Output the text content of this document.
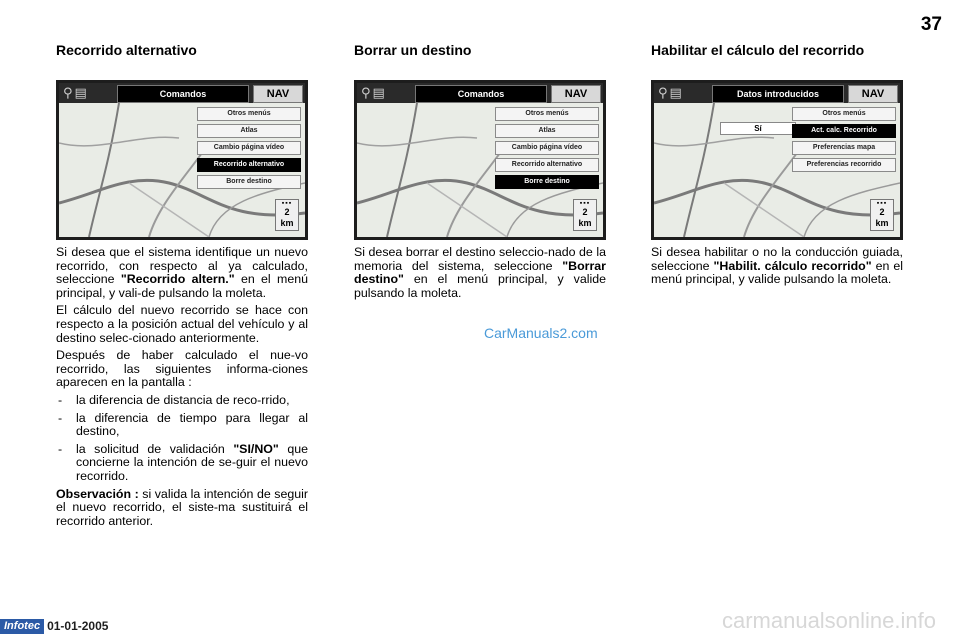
37
Recorrido alternativo
⚲▤	Comandos	NAV
Otros menús
Atlas
Cambio página vídeo
Recorrido alternativo
Borre destino
▪▪▪
2
km

Si desea que el sistema identifique un nuevo recorrido, con respecto al ya calculado, seleccione "Recorrido altern." en el menú principal, y vali-de pulsando la moleta.

El cálculo del nuevo recorrido se hace con respecto a la posición actual del vehículo y al destino selec-cionado anteriormente.

Después de haber calculado el nue-vo recorrido, las siguientes informa-ciones aparecen en la pantalla :

- la diferencia de distancia de reco-rrido,
- la diferencia de tiempo para llegar al destino,
- la solicitud de validación "SI/NO" que concierne la intención de se-guir el nuevo recorrido.

Observación : si valida la intención de seguir el nuevo recorrido, el siste-ma sustituirá el recorrido anterior.

Borrar un destino
⚲▤	Comandos	NAV
Otros menús
Atlas
Cambio página vídeo
Recorrido alternativo
Borre destino
▪▪▪
2
km

Si desea borrar el destino seleccio-nado de la memoria del sistema, seleccione "Borrar destino" en el menú principal, y valide pulsando la moleta.

Habilitar el cálculo del recorrido
⚲▤	Datos introducidos	NAV
Sí
Otros menús
Act. calc. Recorrido
Preferencias mapa
Preferencias recorrido
▪▪▪
2
km

Si desea habilitar o no la conducción guiada, seleccione "Habilit. cálculo recorrido" en el menú principal, y valide pulsando la moleta.

CarManuals2.com
Infotec 01-01-2005	carmanualsonline.info
